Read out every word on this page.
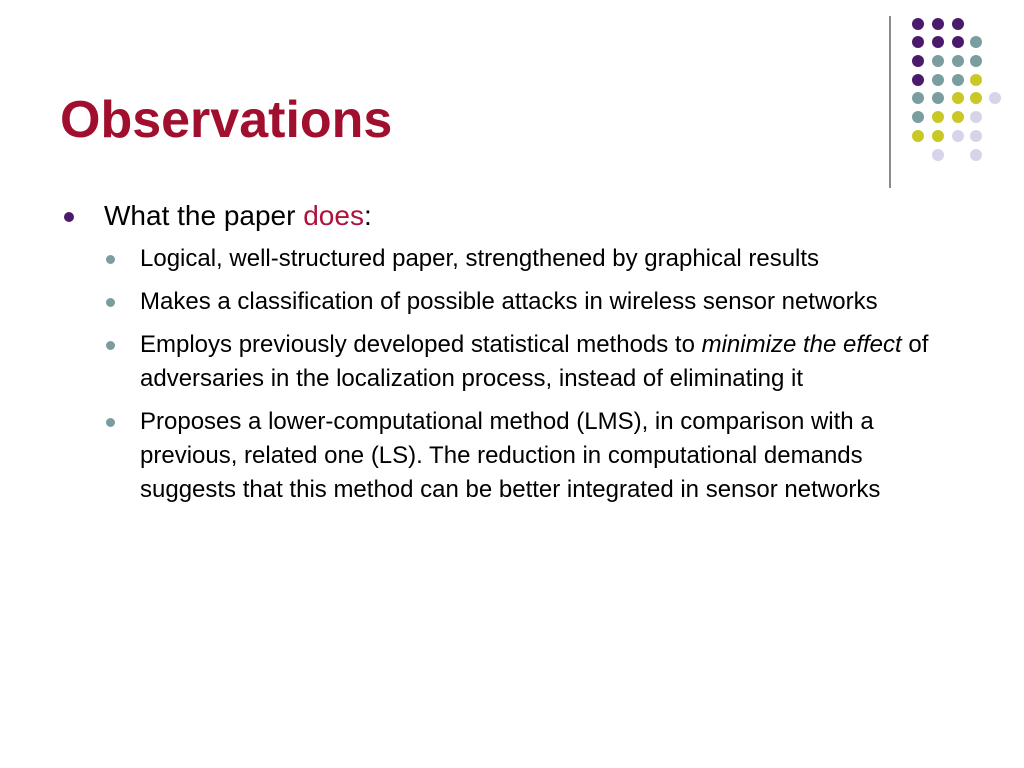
Observations
What the paper does:
Logical, well-structured paper, strengthened by graphical results
Makes a classification of possible attacks in wireless sensor networks
Employs previously developed statistical methods to minimize the effect of adversaries in the localization process, instead of eliminating it
Proposes a lower-computational method (LMS), in comparison with a previous, related one (LS). The reduction in computational demands suggests that this method can be better integrated in sensor networks
